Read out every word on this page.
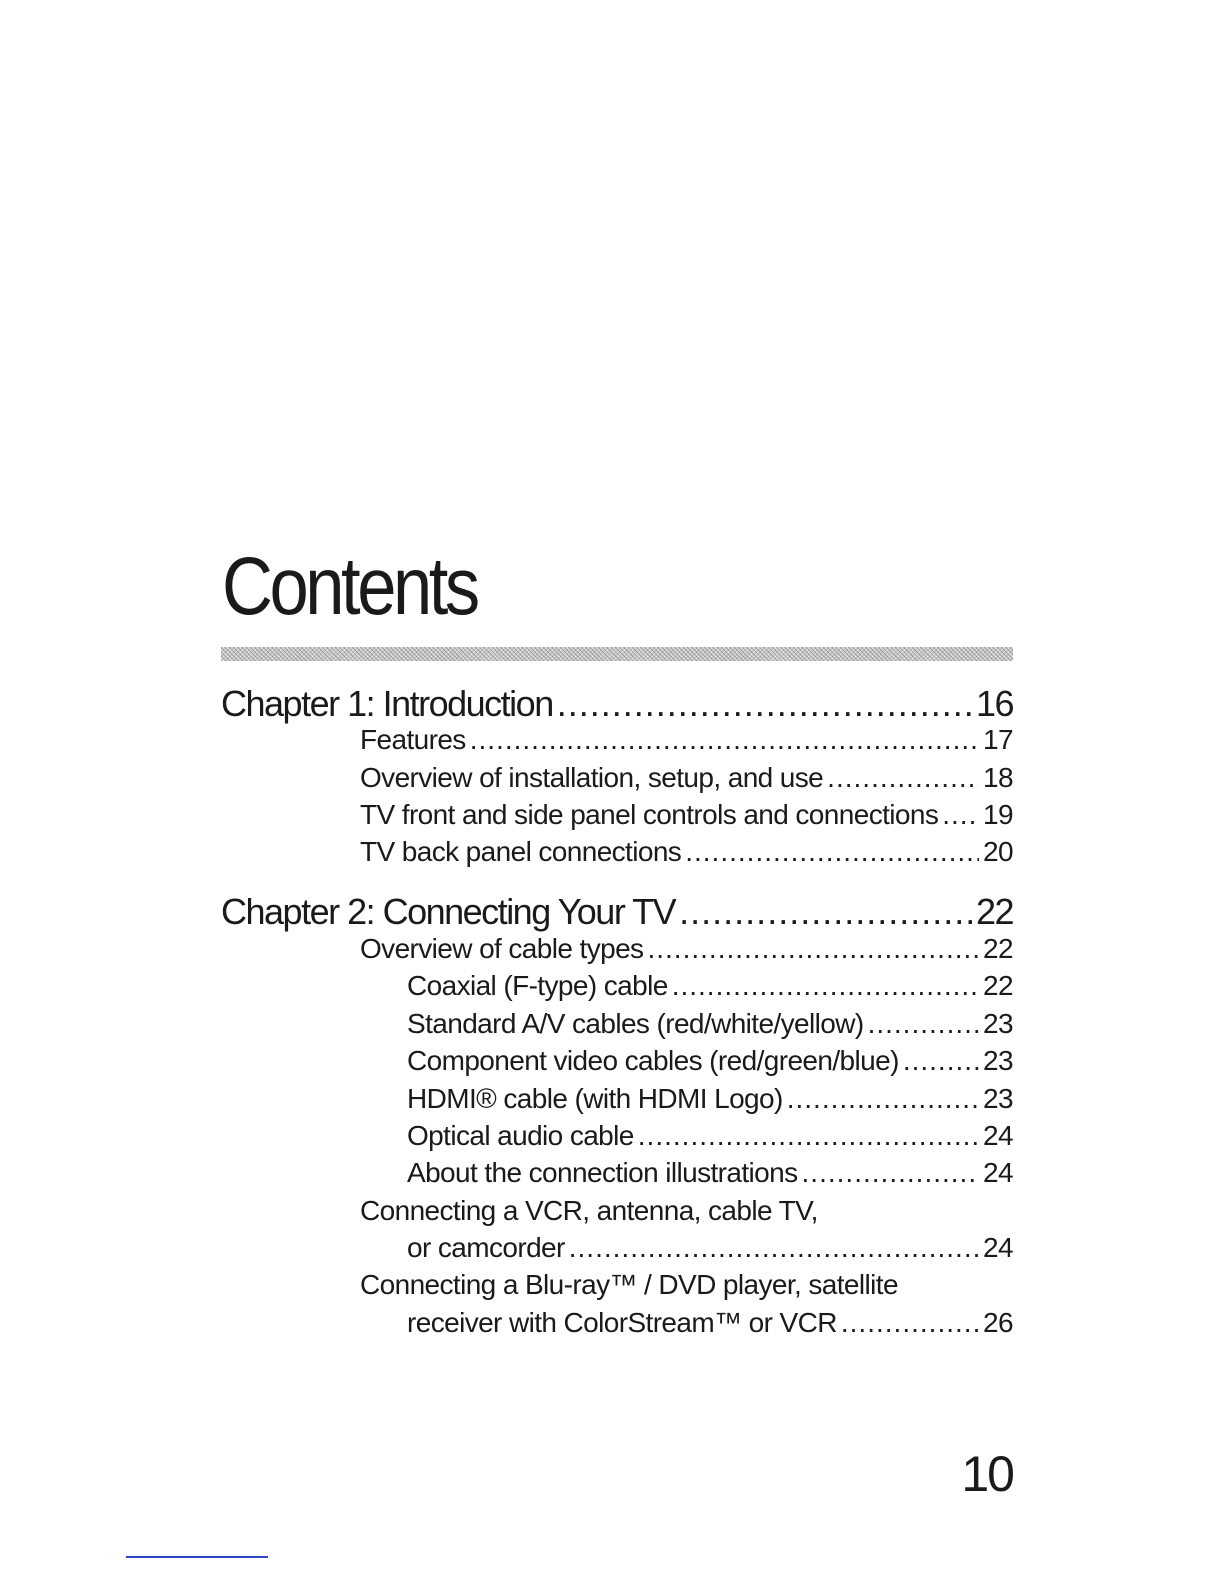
Contents
Chapter 1: Introduction .....	16
Features .....	17
Overview of installation, setup, and use .....	18
TV front and side panel controls and connections ..... 19
TV back panel connections .....	20
Chapter 2: Connecting Your TV .....	22
Overview of cable types .....	22
Coaxial (F-type) cable .....	22
Standard A/V cables (red/white/yellow) .....	23
Component video cables (red/green/blue) .....	23
HDMI® cable (with HDMI Logo) .....	23
Optical audio cable .....	24
About the connection illustrations .....	24
Connecting a VCR, antenna, cable TV,
or camcorder .....	24
Connecting a Blu-ray™ / DVD player, satellite
receiver with ColorStream™ or VCR .....	26
10
